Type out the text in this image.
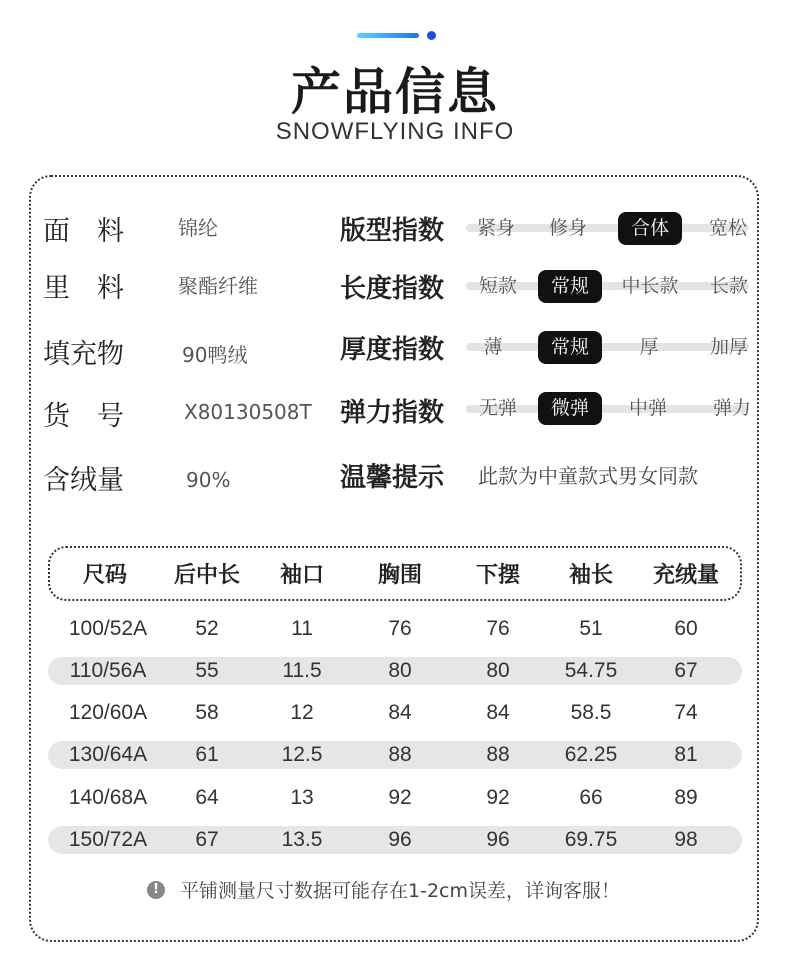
产品信息
SNOWFLYING INFO
面　料	锦纶
里　料	聚酯纤维
填充物	90鸭绒
货　号	X80130508T
含绒量	90%
版型指数	紧身	修身	合体	宽松
长度指数	短款	常规	中长款	长款
厚度指数	薄	常规	厚	加厚
弹力指数	无弹	微弹	中弹	弹力
温馨提示 此款为中童款式男女同款
尺码	后中长	袖口	胸围	下摆	袖长	充绒量
100/52A	52	11	76	76	51	60
110/56A	55	11.5	80	80	54.75	67
120/60A	58	12	84	84	58.5	74
130/64A	61	12.5	88	88	62.25	81
140/68A	64	13	92	92	66	89
150/72A	67	13.5	96	96	69.75	98
!	平铺测量尺寸数据可能存在1-2cm误差，详询客服！
